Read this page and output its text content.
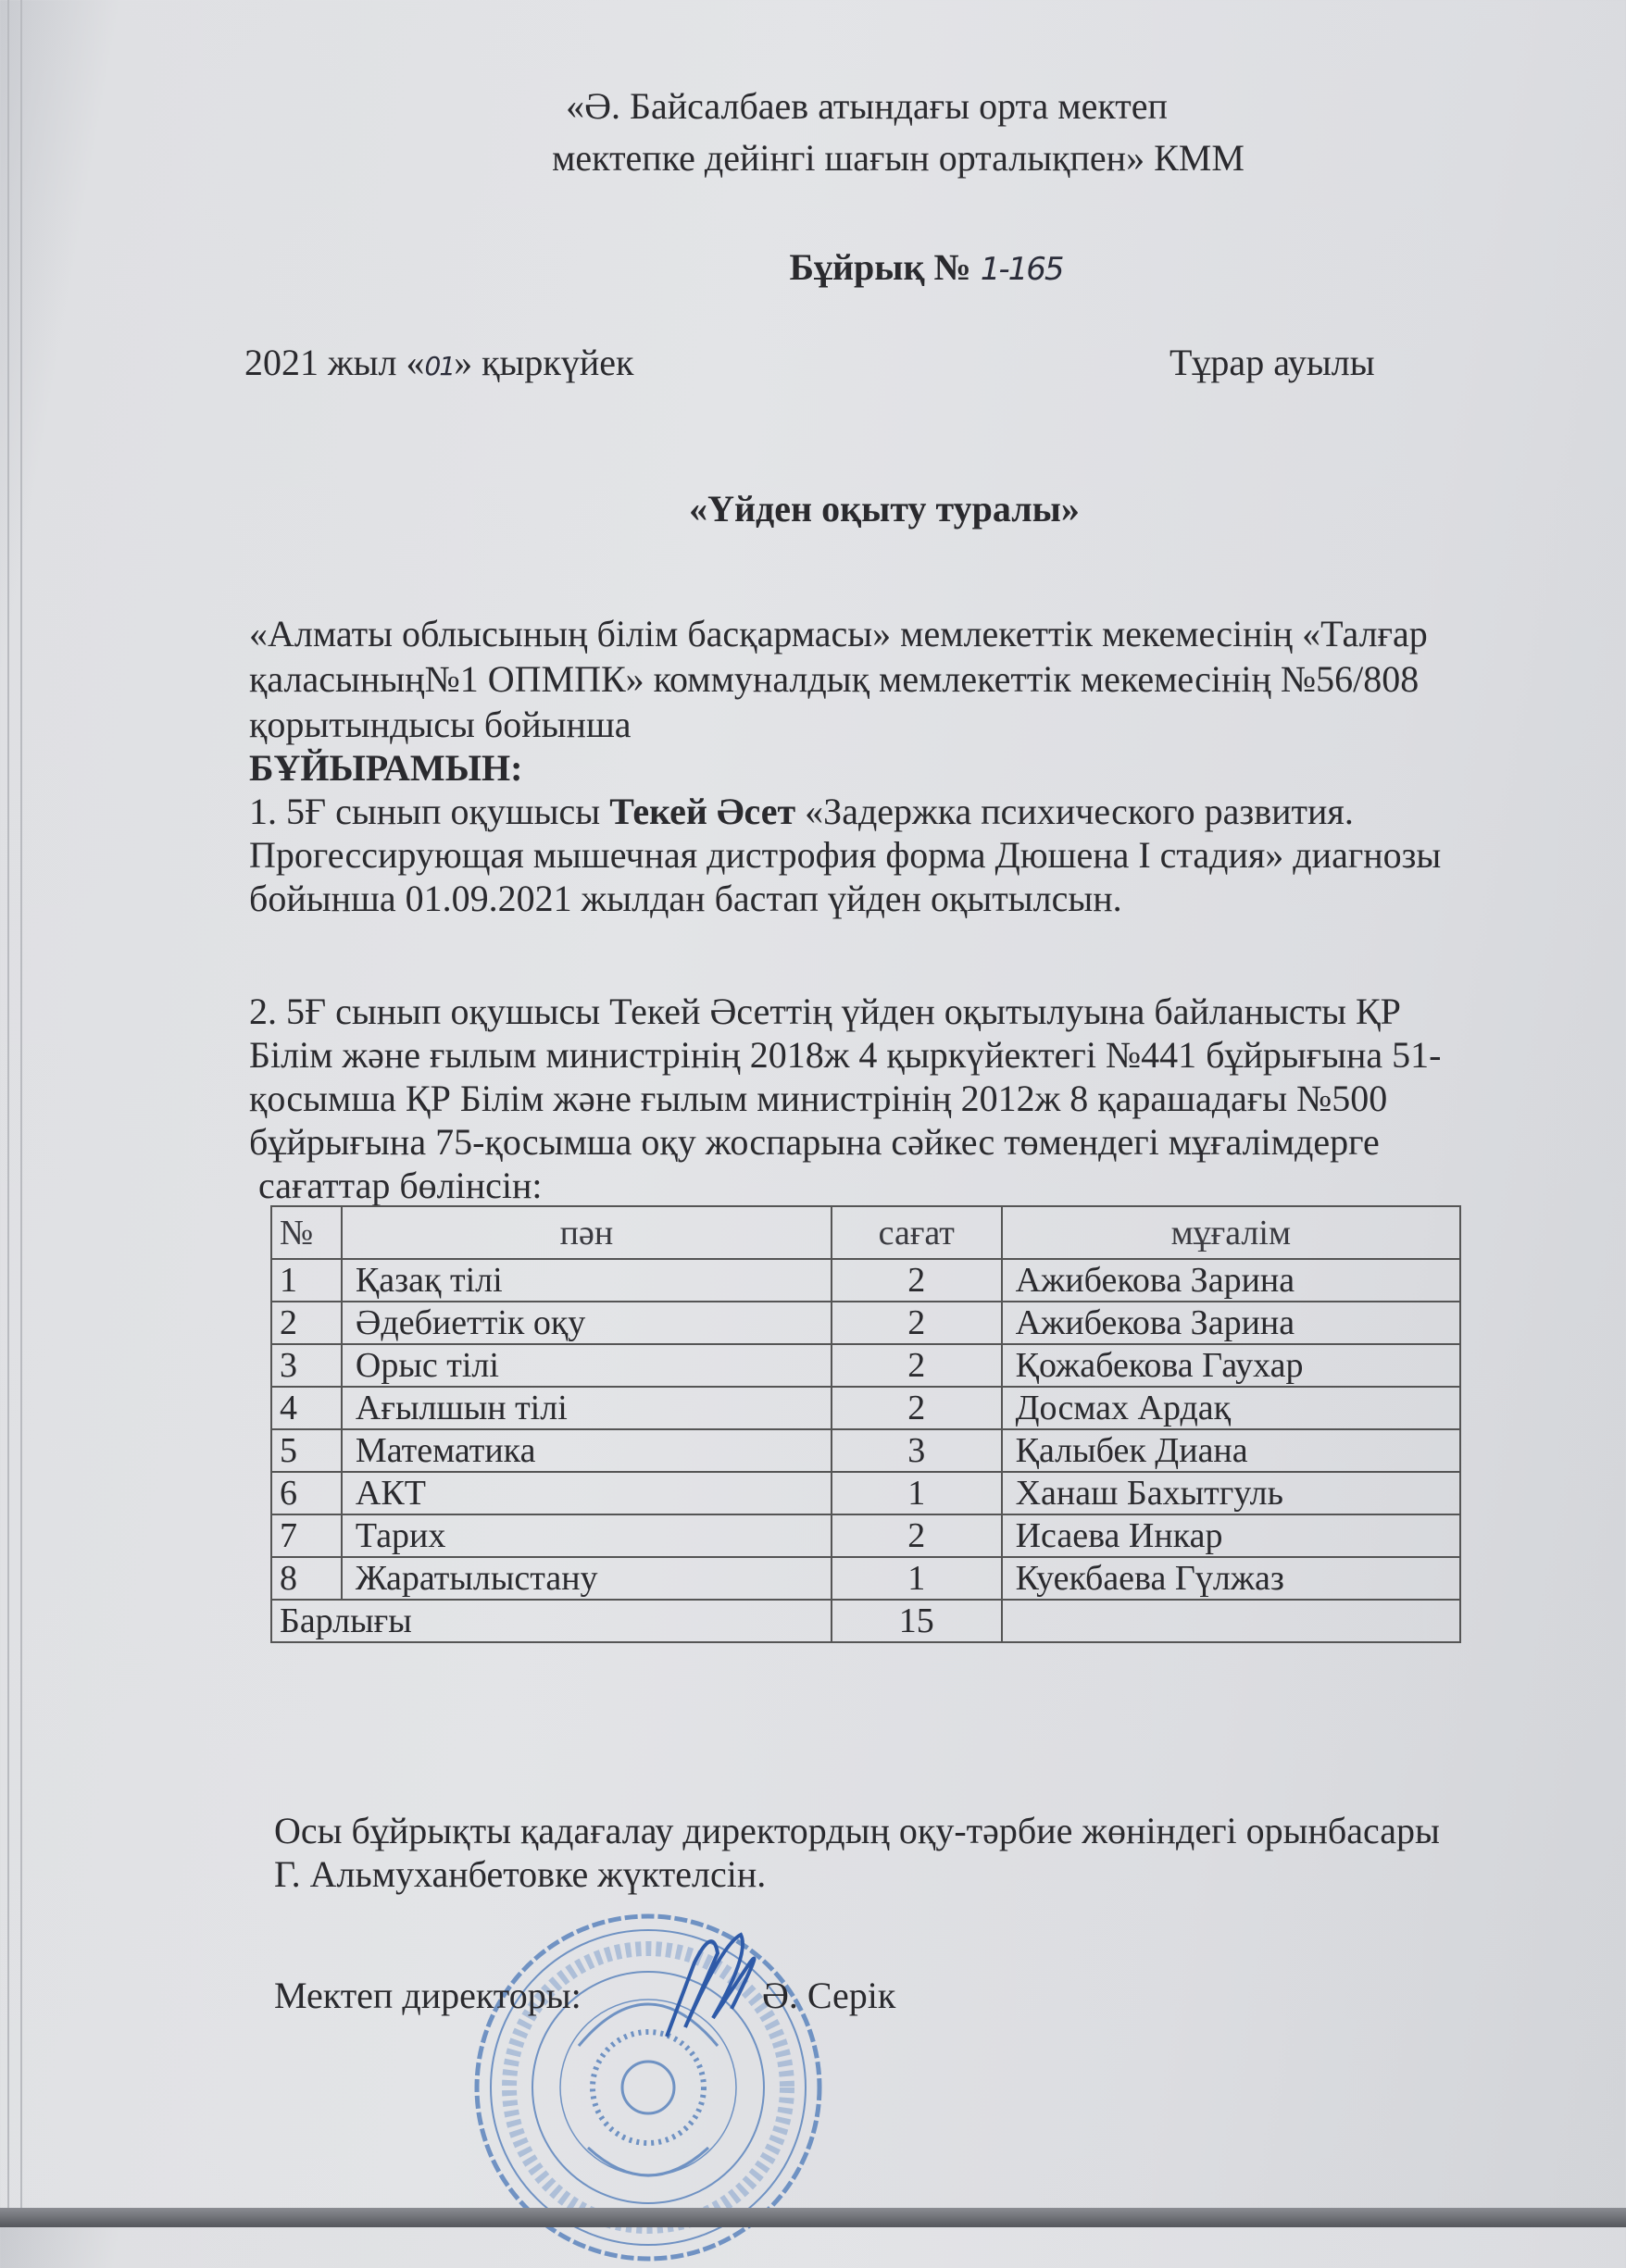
«Ə. Байсалбаев атындағы орта мектеп
мектепке дейінгі шағын орталықпен» КММ
Бұйрық № 1-165
2021 жыл «01» қыркүйек	Тұрар ауылы
«Үйден оқыту туралы»
«Алматы облысының білім басқармасы» мемлекеттік мекемесінің «Талғар
қаласының№1 ОПМПК» коммуналдық мемлекеттік мекемесінің №56/808
қорытындысы бойынша
БҰЙЫРАМЫН:
1. 5Ғ сынып оқушысы Текей Әсет «Задержка психического развития.
Прогессирующая мышечная дистрофия форма Дюшена I стадия» диагнозы
бойынша 01.09.2021 жылдан бастап үйден оқытылсын.
2. 5Ғ сынып оқушысы Текей Әсеттің үйден оқытылуына байланысты ҚР
Білім және ғылым министрінің 2018ж 4 қыркүйектегі №441 бұйрығына 51-
қосымша ҚР Білім және ғылым министрінің 2012ж 8 қарашадағы №500
бұйрығына 75-қосымша оқу жоспарына сәйкес төмендегі мұғалімдерге
сағаттар бөлінсін:
№	пән	сағат	мұғалім
1	Қазақ тілі	2	Ажибекова Зарина
2	Әдебиеттік оқу	2	Ажибекова Зарина
3	Орыс тілі	2	Қожабекова Гаухар
4	Ағылшын тілі	2	Досмах Ардақ
5	Математика	3	Қалыбек Диана
6	АКТ	1	Ханаш Бахытгуль
7	Тарих	2	Исаева Инкар
8	Жаратылыстану	1	Куекбаева Гүлжаз
Барлығы		15	
Осы бұйрықты қадағалау директордың оқу-тәрбие жөніндегі орынбасары
Г. Альмуханбетовке жүктелсін.
Мектеп директоры:	Ә. Серік
